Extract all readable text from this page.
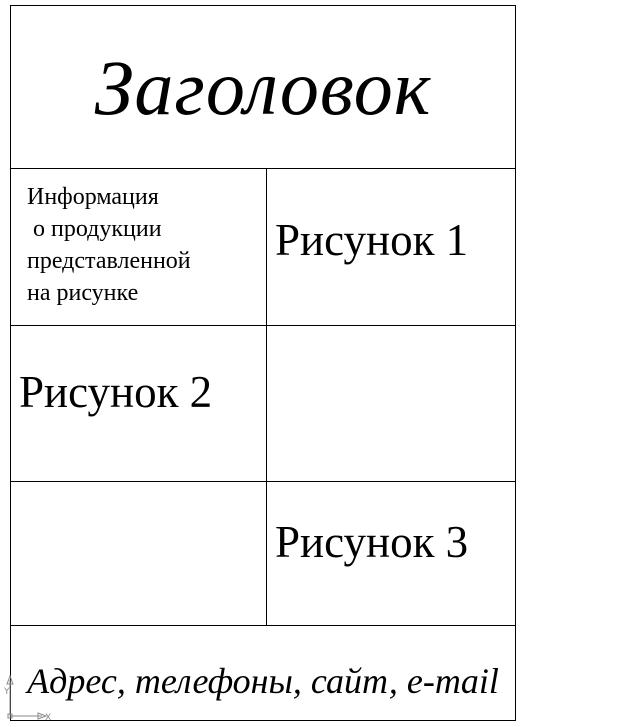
Заголовок
Информация
о продукции
представленной
на рисунке
Рисунок 1
Рисунок 2
Рисунок 3
Адрес, телефоны, сайт, e-mail
Y
X
